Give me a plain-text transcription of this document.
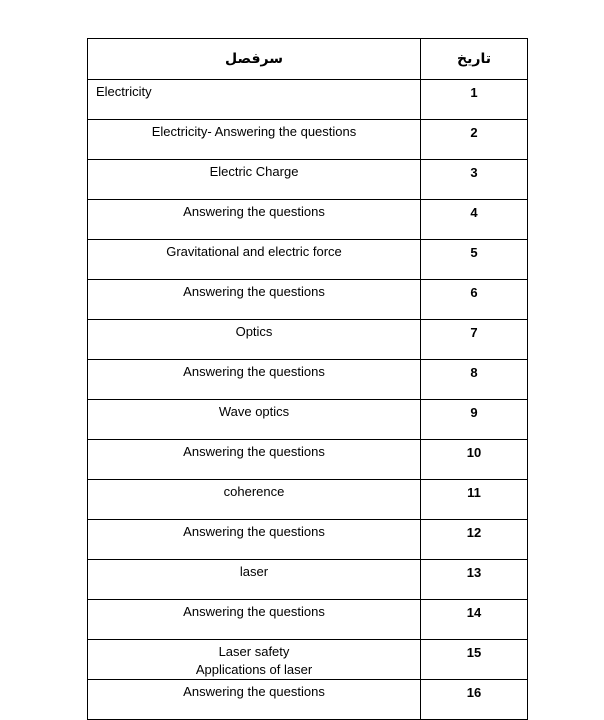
سرفصل	تاریخ

Electricity	1

Electricity- Answering the questions	2

Electric Charge	3

Answering the questions	4

Gravitational and electric force	5

Answering the questions	6

Optics	7

Answering the questions	8

Wave optics	9

Answering the questions	10

coherence	11

Answering the questions	12

laser	13

Answering the questions	14

Laser safety
Applications of laser	15

Answering the questions	16
